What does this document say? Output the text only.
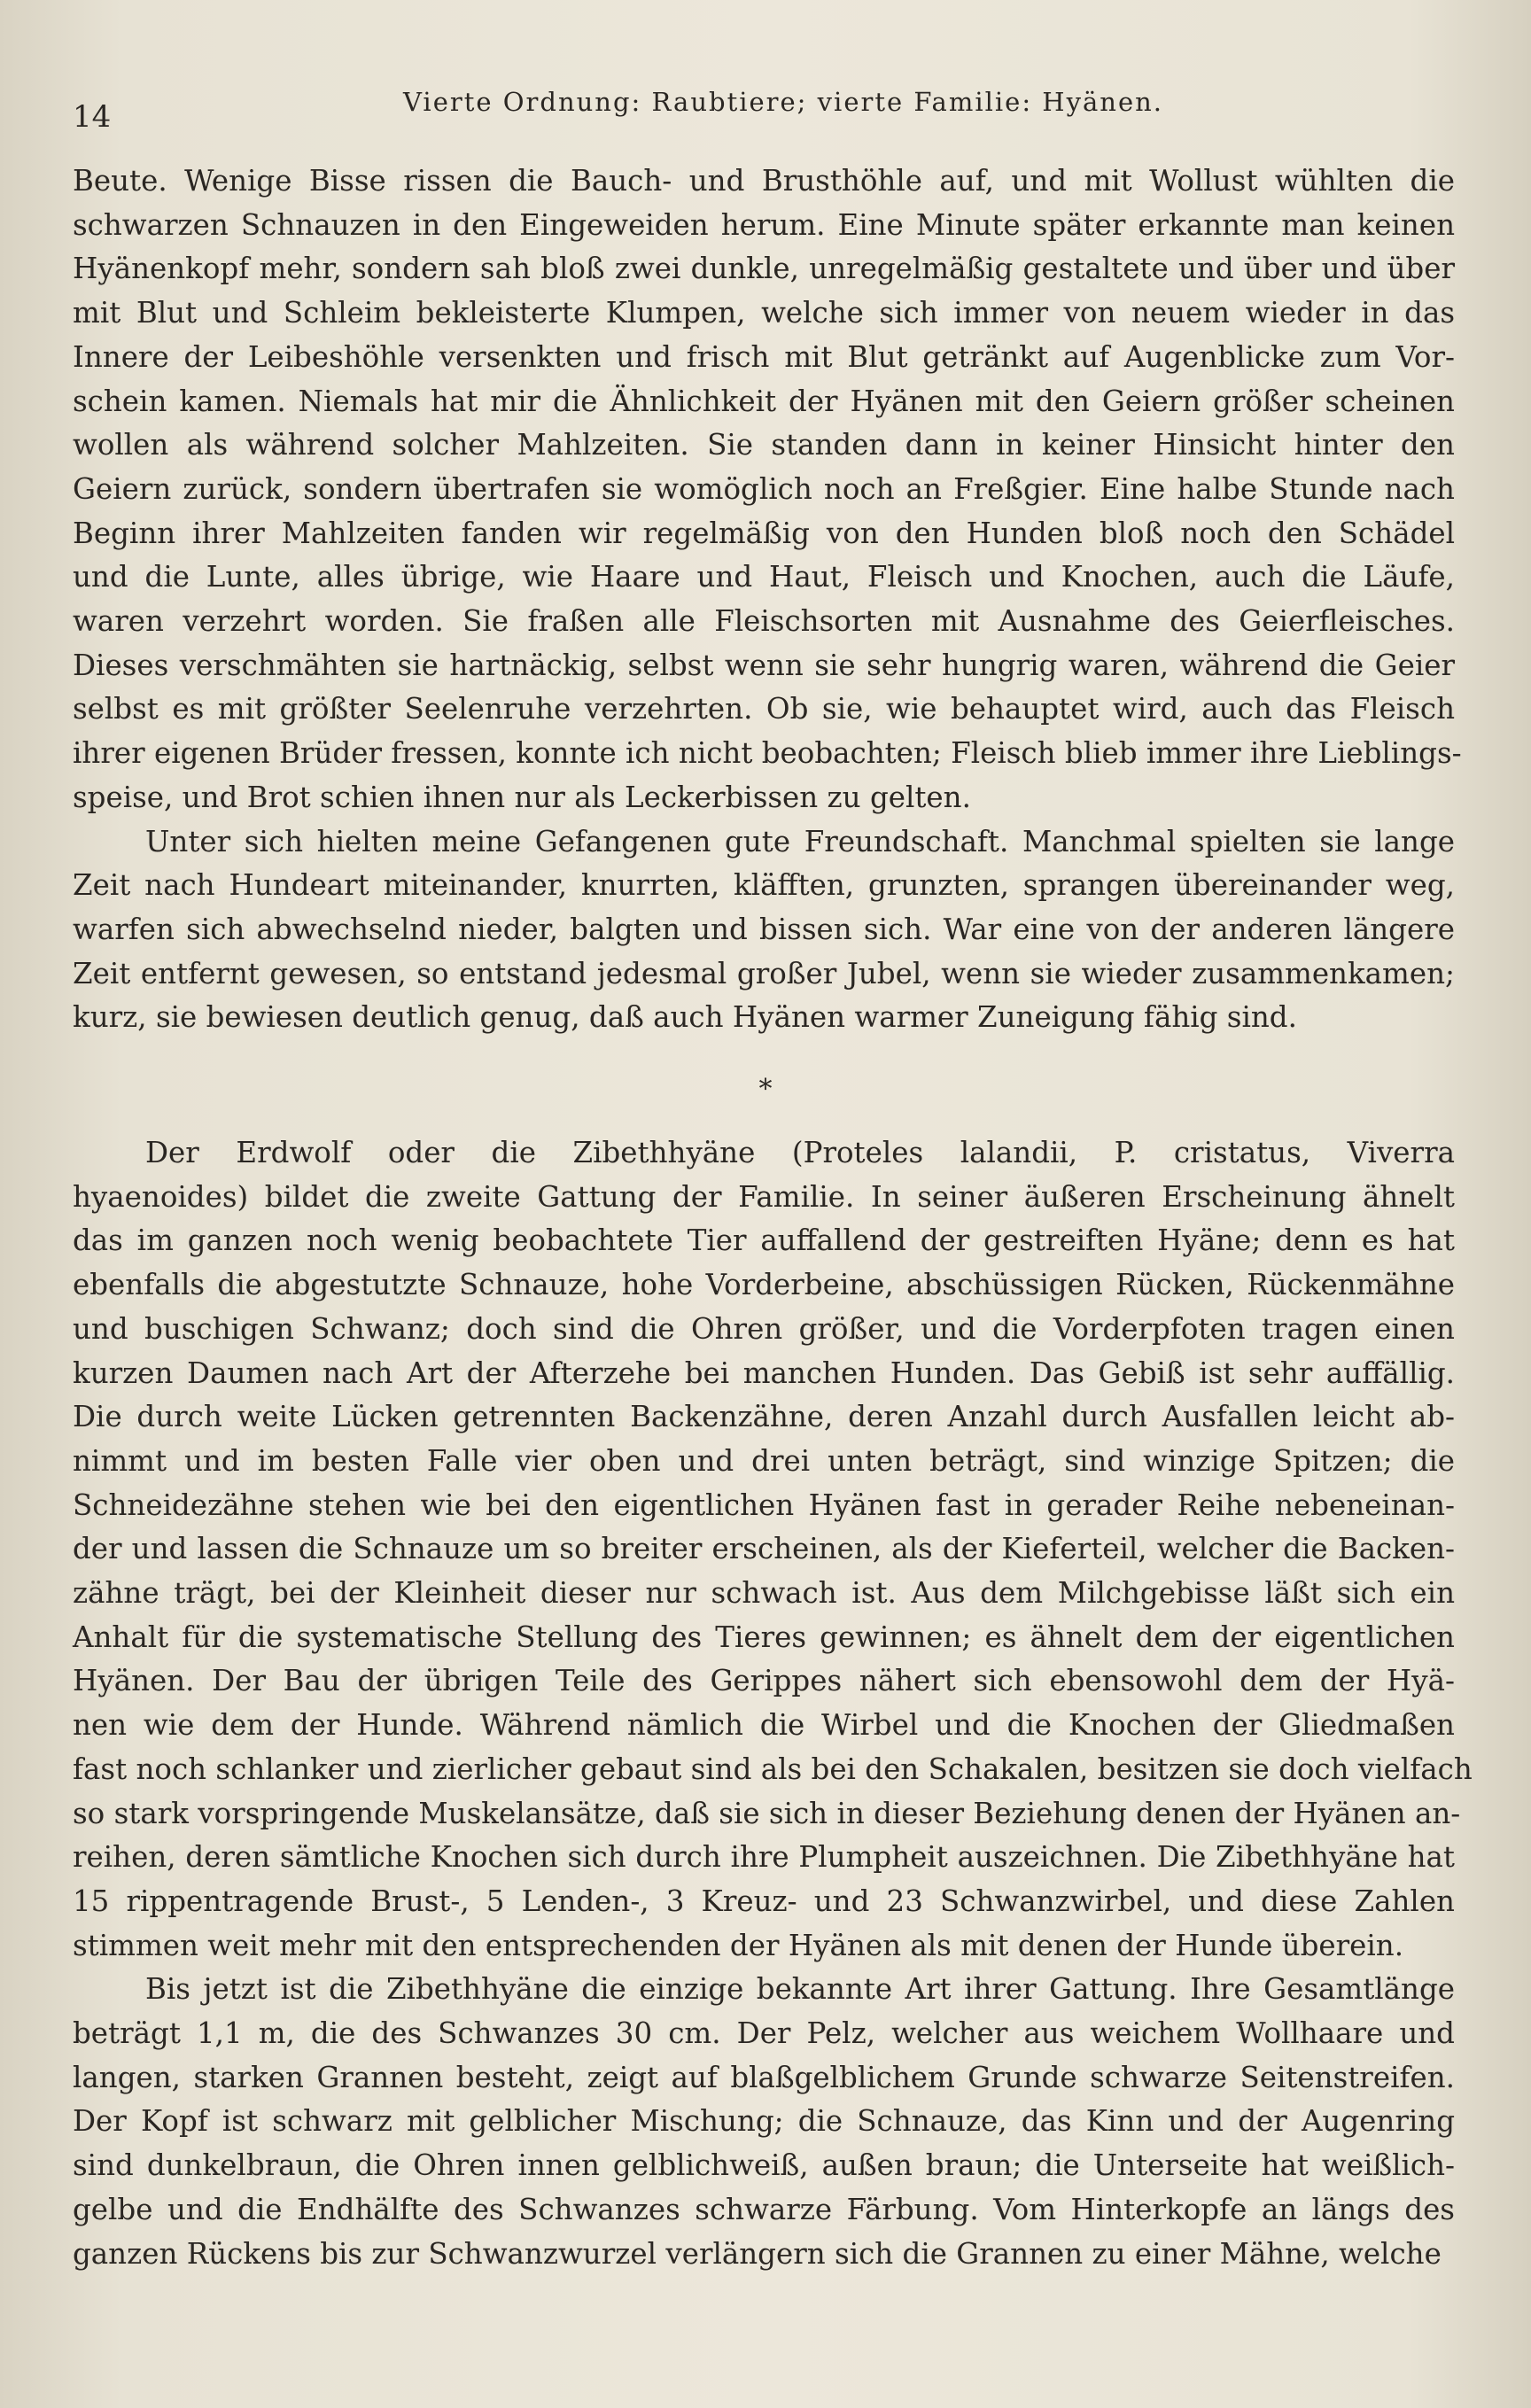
14	Vierte Ordnung: Raubtiere; vierte Familie: Hyänen.

Beute. Wenige Bisse rissen die Bauch- und Brusthöhle auf, und mit Wollust wühlten die
schwarzen Schnauzen in den Eingeweiden herum. Eine Minute später erkannte man keinen
Hyänenkopf mehr, sondern sah bloß zwei dunkle, unregelmäßig gestaltete und über und über
mit Blut und Schleim bekleisterte Klumpen, welche sich immer von neuem wieder in das
Innere der Leibeshöhle versenkten und frisch mit Blut getränkt auf Augenblicke zum Vor-
schein kamen. Niemals hat mir die Ähnlichkeit der Hyänen mit den Geiern größer scheinen
wollen als während solcher Mahlzeiten. Sie standen dann in keiner Hinsicht hinter den
Geiern zurück, sondern übertrafen sie womöglich noch an Freßgier. Eine halbe Stunde nach
Beginn ihrer Mahlzeiten fanden wir regelmäßig von den Hunden bloß noch den Schädel
und die Lunte, alles übrige, wie Haare und Haut, Fleisch und Knochen, auch die Läufe,
waren verzehrt worden. Sie fraßen alle Fleischsorten mit Ausnahme des Geierfleisches.
Dieses verschmähten sie hartnäckig, selbst wenn sie sehr hungrig waren, während die Geier
selbst es mit größter Seelenruhe verzehrten. Ob sie, wie behauptet wird, auch das Fleisch
ihrer eigenen Brüder fressen, konnte ich nicht beobachten; Fleisch blieb immer ihre Lieblings-
speise, und Brot schien ihnen nur als Leckerbissen zu gelten.

Unter sich hielten meine Gefangenen gute Freundschaft. Manchmal spielten sie lange
Zeit nach Hundeart miteinander, knurrten, kläfften, grunzten, sprangen übereinander weg,
warfen sich abwechselnd nieder, balgten und bissen sich. War eine von der anderen längere
Zeit entfernt gewesen, so entstand jedesmal großer Jubel, wenn sie wieder zusammenkamen;
kurz, sie bewiesen deutlich genug, daß auch Hyänen warmer Zuneigung fähig sind.

*

Der Erdwolf oder die Zibethhyäne (Proteles lalandii, P. cristatus, Viverra
hyaenoides) bildet die zweite Gattung der Familie. In seiner äußeren Erscheinung ähnelt
das im ganzen noch wenig beobachtete Tier auffallend der gestreiften Hyäne; denn es hat
ebenfalls die abgestutzte Schnauze, hohe Vorderbeine, abschüssigen Rücken, Rückenmähne
und buschigen Schwanz; doch sind die Ohren größer, und die Vorderpfoten tragen einen
kurzen Daumen nach Art der Afterzehe bei manchen Hunden. Das Gebiß ist sehr auffällig.
Die durch weite Lücken getrennten Backenzähne, deren Anzahl durch Ausfallen leicht ab-
nimmt und im besten Falle vier oben und drei unten beträgt, sind winzige Spitzen; die
Schneidezähne stehen wie bei den eigentlichen Hyänen fast in gerader Reihe nebeneinan-
der und lassen die Schnauze um so breiter erscheinen, als der Kieferteil, welcher die Backen-
zähne trägt, bei der Kleinheit dieser nur schwach ist. Aus dem Milchgebisse läßt sich ein
Anhalt für die systematische Stellung des Tieres gewinnen; es ähnelt dem der eigentlichen
Hyänen. Der Bau der übrigen Teile des Gerippes nähert sich ebensowohl dem der Hyä-
nen wie dem der Hunde. Während nämlich die Wirbel und die Knochen der Gliedmaßen
fast noch schlanker und zierlicher gebaut sind als bei den Schakalen, besitzen sie doch vielfach
so stark vorspringende Muskelansätze, daß sie sich in dieser Beziehung denen der Hyänen an-
reihen, deren sämtliche Knochen sich durch ihre Plumpheit auszeichnen. Die Zibethhyäne hat
15 rippentragende Brust-, 5 Lenden-, 3 Kreuz- und 23 Schwanzwirbel, und diese Zahlen
stimmen weit mehr mit den entsprechenden der Hyänen als mit denen der Hunde überein.

Bis jetzt ist die Zibethhyäne die einzige bekannte Art ihrer Gattung. Ihre Gesamtlänge
beträgt 1,1 m, die des Schwanzes 30 cm. Der Pelz, welcher aus weichem Wollhaare und
langen, starken Grannen besteht, zeigt auf blaßgelblichem Grunde schwarze Seitenstreifen.
Der Kopf ist schwarz mit gelblicher Mischung; die Schnauze, das Kinn und der Augenring
sind dunkelbraun, die Ohren innen gelblichweiß, außen braun; die Unterseite hat weißlich-
gelbe und die Endhälfte des Schwanzes schwarze Färbung. Vom Hinterkopfe an längs des
ganzen Rückens bis zur Schwanzwurzel verlängern sich die Grannen zu einer Mähne, welche
